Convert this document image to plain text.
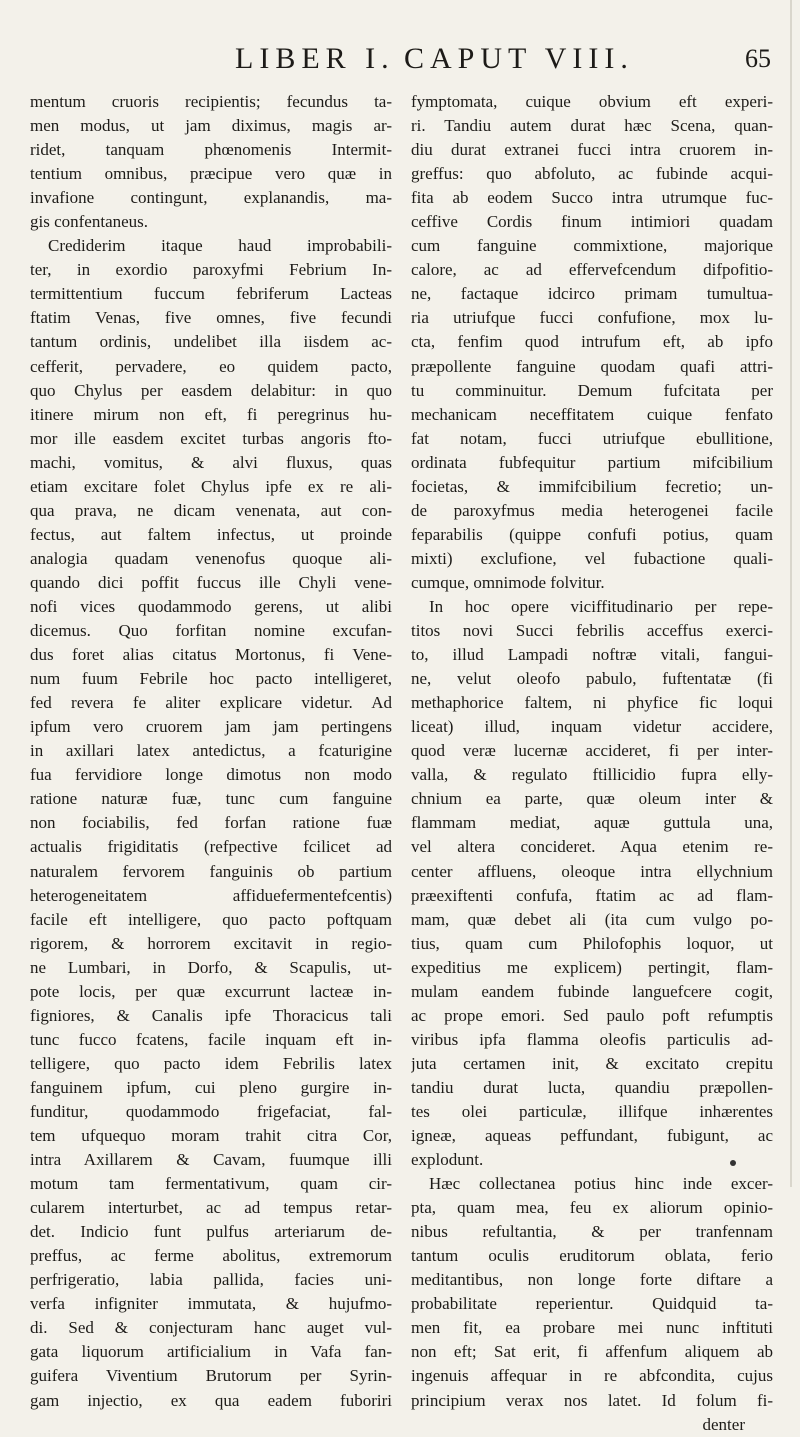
LIBER I. CAPUT VIII.	65
mentum cruoris recipientis; fecundus ta-
men modus, ut jam diximus, magis ar-
ridet, tanquam phœnomenis Intermit-
tentium omnibus, præcipue vero quæ in
invafione contingunt, explanandis, ma-
gis confentaneus.
Crediderim itaque haud improbabili-
ter, in exordio paroxyfmi Febrium In-
termittentium fuccum febriferum Lacteas
ftatim Venas, five omnes, five fecundi
tantum ordinis, undelibet illa iisdem ac-
cefferit, pervadere, eo quidem pacto,
quo Chylus per easdem delabitur: in quo
itinere mirum non eft, fi peregrinus hu-
mor ille easdem excitet turbas angoris fto-
machi, vomitus, & alvi fluxus, quas
etiam excitare folet Chylus ipfe ex re ali-
qua prava, ne dicam venenata, aut con-
fectus, aut faltem infectus, ut proinde
analogia quadam venenofus quoque ali-
quando dici poffit fuccus ille Chyli vene-
nofi vices quodammodo gerens, ut alibi
dicemus. Quo forfitan nomine excufan-
dus foret alias citatus Mortonus, fi Vene-
num fuum Febrile hoc pacto intelligeret,
fed revera fe aliter explicare videtur. Ad
ipfum vero cruorem jam jam pertingens
in axillari latex antedictus, a fcaturigine
fua fervidiore longe dimotus non modo
ratione naturæ fuæ, tunc cum fanguine
non fociabilis, fed forfan ratione fuæ
actualis frigiditatis (refpective fcilicet ad
naturalem fervorem fanguinis ob partium
heterogeneitatem affiduefermentefcentis)
facile eft intelligere, quo pacto poftquam
rigorem, & horrorem excitavit in regio-
ne Lumbari, in Dorfo, & Scapulis, ut-
pote locis, per quæ excurrunt lacteæ in-
figniores, & Canalis ipfe Thoracicus tali
tunc fucco fcatens, facile inquam eft in-
telligere, quo pacto idem Febrilis latex
fanguinem ipfum, cui pleno gurgire in-
funditur, quodammodo frigefaciat, fal-
tem ufquequo moram trahit citra Cor,
intra Axillarem & Cavam, fuumque illi
motum tam fermentativum, quam cir-
cularem interturbet, ac ad tempus retar-
det. Indicio funt pulfus arteriarum de-
preffus, ac ferme abolitus, extremorum
perfrigeratio, labia pallida, facies uni-
verfa infigniter immutata, & hujufmo-
di. Sed & conjecturam hanc auget vul-
gata liquorum artificialium in Vafa fan-
guifera Viventium Brutorum per Syrin-
gam injectio, ex qua eadem fuboriri
fymptomata, cuique obvium eft experi-
ri. Tandiu autem durat hæc Scena, quan-
diu durat extranei fucci intra cruorem in-
greffus: quo abfoluto, ac fubinde acqui-
fita ab eodem Succo intra utrumque fuc-
ceffive Cordis finum intimiori quadam
cum fanguine commixtione, majorique
calore, ac ad effervefcendum difpofitio-
ne, factaque idcirco primam tumultua-
ria utriufque fucci confufione, mox lu-
cta, fenfim quod intrufum eft, ab ipfo
præpollente fanguine quodam quafi attri-
tu comminuitur. Demum fufcitata per
mechanicam neceffitatem cuique fenfato
fat notam, fucci utriufque ebullitione,
ordinata fubfequitur partium mifcibilium
focietas, & immifcibilium fecretio; un-
de paroxyfmus media heterogenei facile
feparabilis (quippe confufi potius, quam
mixti) exclufione, vel fubactione quali-
cumque, omnimode folvitur.
In hoc opere viciffitudinario per repe-
titos novi Succi febrilis acceffus exerci-
to, illud Lampadi noftræ vitali, fangui-
ne, velut oleofo pabulo, fuftentatæ (fi
methaphorice faltem, ni phyfice fic loqui
liceat) illud, inquam videtur accidere,
quod veræ lucernæ accideret, fi per inter-
valla, & regulato ftillicidio fupra elly-
chnium ea parte, quæ oleum inter &
flammam mediat, aquæ guttula una,
vel altera concideret. Aqua etenim re-
center affluens, oleoque intra ellychnium
præexiftenti confufa, ftatim ac ad flam-
mam, quæ debet ali (ita cum vulgo po-
tius, quam cum Philofophis loquor, ut
expeditius me explicem) pertingit, flam-
mulam eandem fubinde languefcere cogit,
ac prope emori. Sed paulo poft refumptis
viribus ipfa flamma oleofis particulis ad-
juta certamen init, & excitato crepitu
tandiu durat lucta, quandiu præpollen-
tes olei particulæ, illifque inhærentes
igneæ, aqueas peffundant, fubigunt, ac
explodunt.
Hæc collectanea potius hinc inde excer-
pta, quam mea, feu ex aliorum opinio-
nibus refultantia, & per tranfennam
tantum oculis eruditorum oblata, ferio
meditantibus, non longe forte diftare a
probabilitate reperientur. Quidquid ta-
men fit, ea probare mei nunc inftituti
non eft; Sat erit, fi affenfum aliquem ab
ingenuis affequar in re abfcondita, cujus
principium verax nos latet. Id folum fi-
denter
